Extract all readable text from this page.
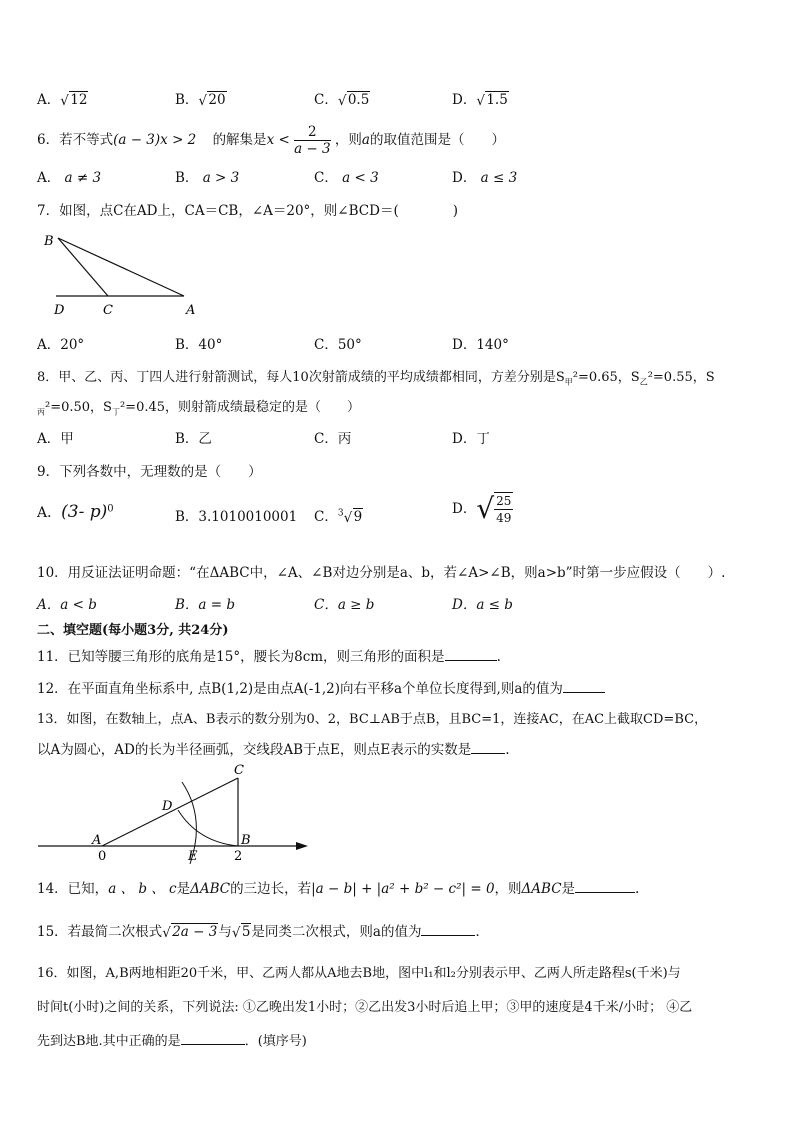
A． √ 12	B． √ 20	C． √ 0.5	D． √ 1.5
6．若不等式(a − 3)x > 2 的解集是$x < \frac{2}{a - 3}$ ，则a的取值范围是（　　）
A． a ≠ 3	B． a > 3	C． a < 3	D． a ≤ 3
7．如图，点C在AD上，CA＝CB，∠A＝20°，则∠BCD＝(　　　　)
B
D	C	A
A．20°	B．40°	C．50°	D．140°
8．甲、乙、丙、丁四人进行射箭测试，每人10次射箭成绩的平均成绩都相同，方差分别是$S_甲^2=0.65$，$S_乙^2=0.55$，S
$_丙$²=0.50，$S_丁^2=0.45$，则射箭成绩最稳定的是（　　）
A．甲	B．乙	C．丙	D．丁
9．下列各数中，无理数的是（　　）
A．(3- p)$^0$
B．3.1010010001 C．$^3$ √ 9	D．√ $\frac{25}{49}$
10．用反证法证明命题：“在ΔABC中，∠A、∠B对边分别是a、b，若∠A>∠B，则a>b”时第一步应假设（　　）.
A．a < b	B．a = b	C．a ≥ b	D．a ≤ b
二、填空题(每小题3分, 共24分)
11．已知等腰三角形的底角是15°，腰长为8cm，则三角形的面积是	.
12．在平面直角坐标系中, 点B(1,2)是由点A(-1,2)向右平移a个单位长度得到,则a的值为
13．如图，在数轴上，点A、B表示的数分别为0、2，BC⊥AB于点B，且BC=1，连接AC，在AC上截取CD=BC，
以A为圆心，AD的长为半径画弧，交线段AB于点E，则点E表示的实数是	.
C
D
A	B
0	E	2
14．已知，a 、 b 、 c是ΔABC的三边长，若|a − b| + |a² + b² − c²| = 0，则ΔABC是	.
15．若最简二次根式 √ 2a − 3与 √ 5是同类二次根式，则a的值为	．
16．如图，A,B两地相距20千米，甲、乙两人都从A地去B地，图中l₁和l₂分别表示甲、乙两人所走路程s(千米)与
时间t(小时)之间的关系，下列说法: ①乙晚出发1小时；②乙出发3小时后追上甲；③甲的速度是4千米/小时； ④乙
先到达B地.其中正确的是	．(填序号)
